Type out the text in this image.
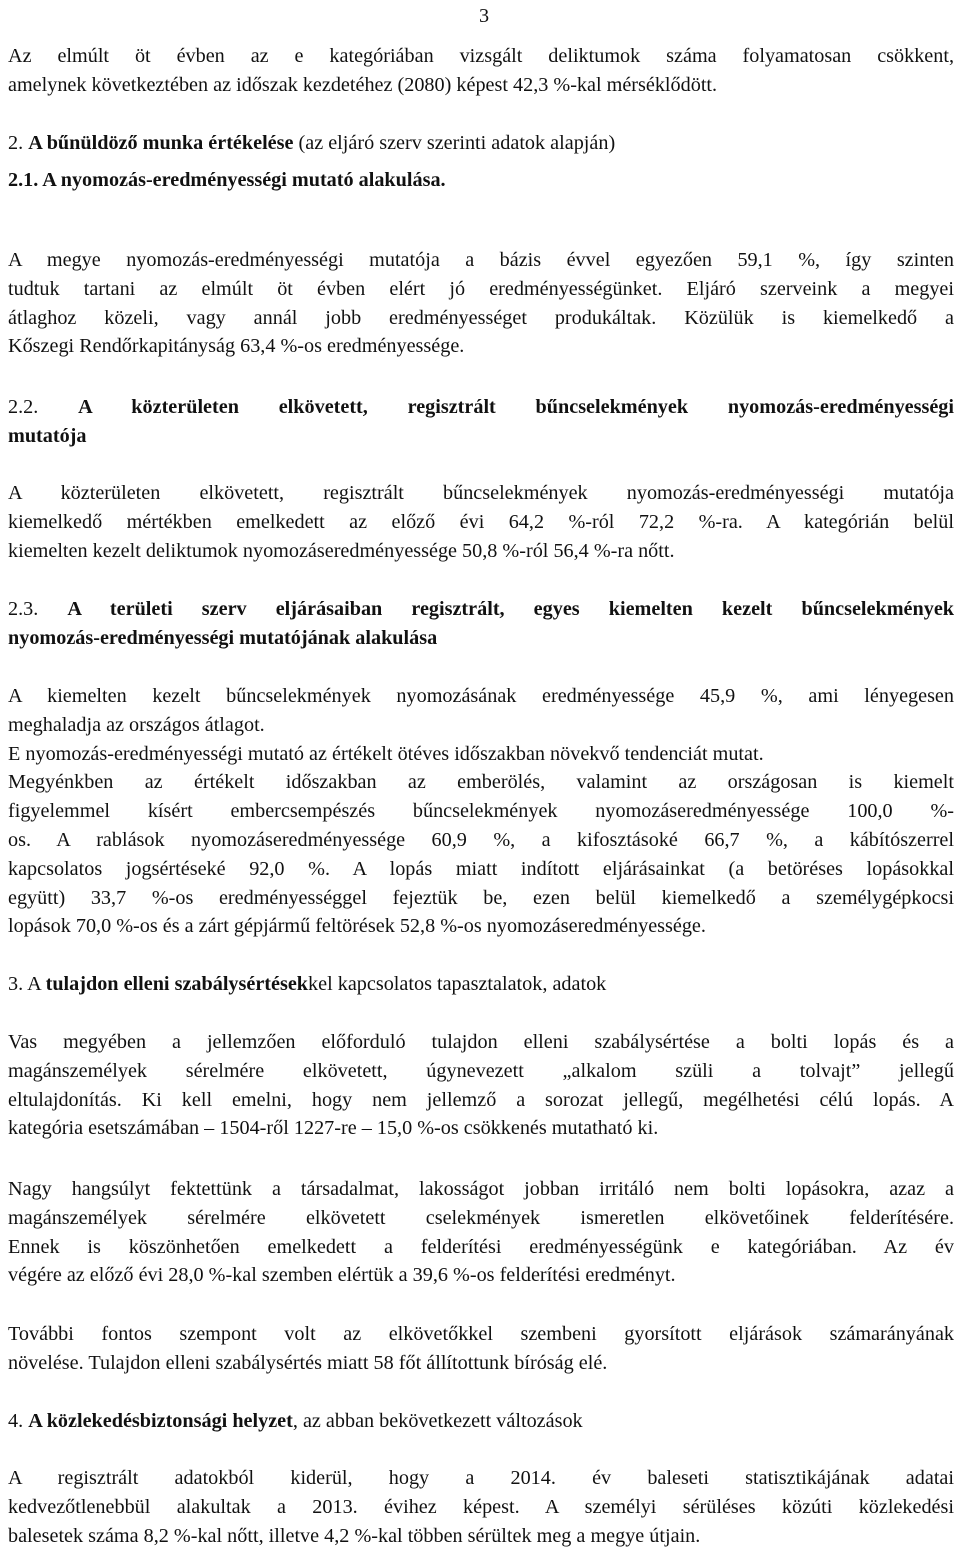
3

Az elmúlt öt évben az e kategóriában vizsgált deliktumok száma folyamatosan csökkent,
amelynek következtében az időszak kezdetéhez (2080) képest 42,3 %-kal mérséklődött.

2. A bűnüldöző munka értékelése (az eljáró szerv szerinti adatok alapján)

2.1. A nyomozás-eredményességi mutató alakulása.

A megye nyomozás-eredményességi mutatója a bázis évvel egyezően 59,1 %, így szinten
tudtuk tartani az elmúlt öt évben elért jó eredményességünket. Eljáró szerveink a megyei
átlaghoz közeli, vagy annál jobb eredményességet produkáltak. Közülük is kiemelkedő a
Kőszegi Rendőrkapitányság 63,4 %-os eredményessége.

2.2. A közterületen elkövetett, regisztrált bűncselekmények nyomozás-eredményességi
mutatója

A közterületen elkövetett, regisztrált bűncselekmények nyomozás-eredményességi mutatója
kiemelkedő mértékben emelkedett az előző évi 64,2 %-ról 72,2 %-ra. A kategórián belül
kiemelten kezelt deliktumok nyomozáseredményessége 50,8 %-ról 56,4 %-ra nőtt.

2.3. A területi szerv eljárásaiban regisztrált, egyes kiemelten kezelt bűncselekmények
nyomozás-eredményességi mutatójának alakulása

A kiemelten kezelt bűncselekmények nyomozásának eredményessége 45,9 %, ami lényegesen
meghaladja az országos átlagot.
E nyomozás-eredményességi mutató az értékelt ötéves időszakban növekvő tendenciát mutat.
Megyénkben az értékelt időszakban az emberölés, valamint az országosan is kiemelt
figyelemmel kísért embercsempészés bűncselekmények nyomozáseredményessége 100,0 %-
os. A rablások nyomozáseredményessége 60,9 %, a kifosztásoké 66,7 %, a kábítószerrel
kapcsolatos jogsértéseké 92,0 %. A lopás miatt indított eljárásainkat (a betöréses lopásokkal
együtt) 33,7 %-os eredményességgel fejeztük be, ezen belül kiemelkedő a személygépkocsi
lopások 70,0 %-os és a zárt gépjármű feltörések 52,8 %-os nyomozáseredményessége.

3. A tulajdon elleni szabálysértésekkel kapcsolatos tapasztalatok, adatok

Vas megyében a jellemzően előforduló tulajdon elleni szabálysértése a bolti lopás és a
magánszemélyek sérelmére elkövetett, úgynevezett „alkalom szüli a tolvajt” jellegű
eltulajdonítás. Ki kell emelni, hogy nem jellemző a sorozat jellegű, megélhetési célú lopás. A
kategória esetszámában – 1504-ről 1227-re – 15,0 %-os csökkenés mutatható ki.

Nagy hangsúlyt fektettünk a társadalmat, lakosságot jobban irritáló nem bolti lopásokra, azaz a
magánszemélyek sérelmére elkövetett cselekmények ismeretlen elkövetőinek felderítésére.
Ennek is köszönhetően emelkedett a felderítési eredményességünk e kategóriában. Az év
végére az előző évi 28,0 %-kal szemben elértük a 39,6 %-os felderítési eredményt.

További fontos szempont volt az elkövetőkkel szembeni gyorsított eljárások számarányának
növelése. Tulajdon elleni szabálysértés miatt 58 főt állítottunk bíróság elé.

4. A közlekedésbiztonsági helyzet, az abban bekövetkezett változások

A regisztrált adatokból kiderül, hogy a 2014. év baleseti statisztikájának adatai
kedvezőtlenebbül alakultak a 2013. évihez képest. A személyi sérüléses közúti közlekedési
balesetek száma 8,2 %-kal nőtt, illetve 4,2 %-kal többen sérültek meg a megye útjain.
